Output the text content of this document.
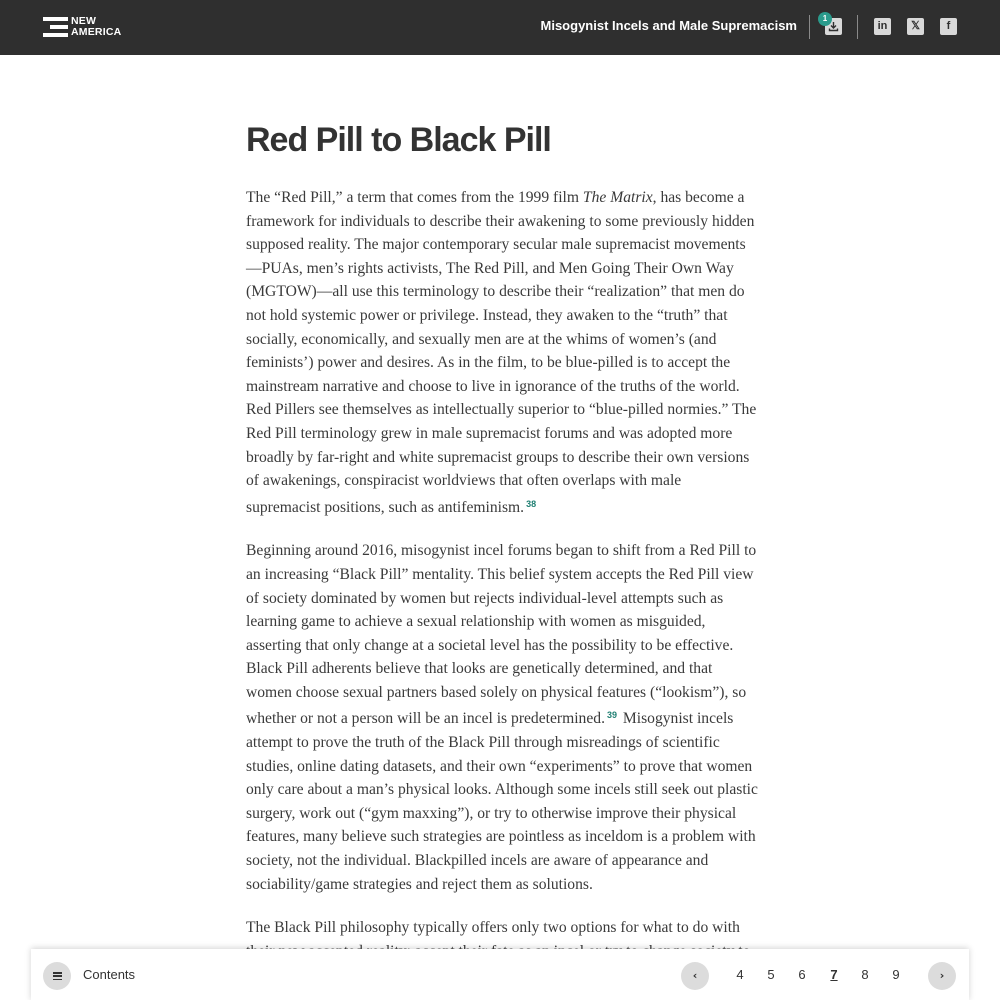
NEW
AMERICA	Misogynist Incels and Male Supremacism	1
in	𝕏	f
Red Pill to Black Pill

The “Red Pill,” a term that comes from the 1999 film The Matrix, has become a framework for individuals to describe their awakening to some previously hidden supposed reality. The major contemporary secular male supremacist movements—PUAs, men’s rights activists, The Red Pill, and Men Going Their Own Way (MGTOW)—all use this terminology to describe their “realization” that men do not hold systemic power or privilege. Instead, they awaken to the “truth” that socially, economically, and sexually men are at the whims of women’s (and feminists’) power and desires. As in the film, to be blue-pilled is to accept the mainstream narrative and choose to live in ignorance of the truths of the world. Red Pillers see themselves as intellectually superior to “blue-pilled normies.” The Red Pill terminology grew in male supremacist forums and was adopted more broadly by far-right and white supremacist groups to describe their own versions of awakenings, conspiracist worldviews that often overlaps with male supremacist positions, such as antifeminism. $^{38}$

Beginning around 2016, misogynist incel forums began to shift from a Red Pill to an increasing “Black Pill” mentality. This belief system accepts the Red Pill view of society dominated by women but rejects individual-level attempts such as learning game to achieve a sexual relationship with women as misguided, asserting that only change at a societal level has the possibility to be effective. Black Pill adherents believe that looks are genetically determined, and that women choose sexual partners based solely on physical features (“lookism”), so whether or not a person will be an incel is predetermined. $^{39}$ Misogynist incels attempt to prove the truth of the Black Pill through misreadings of scientific studies, online dating datasets, and their own “experiments” to prove that women only care about a man’s physical looks. Although some incels still seek out plastic surgery, work out (“gym maxxing”), or try to otherwise improve their physical features, many believe such strategies are pointless as inceldom is a problem with society, not the individual. Blackpilled incels are aware of appearance and sociability/game strategies and reject them as solutions.

The Black Pill philosophy typically offers only two options for what to do with

Contents	‹	4 5 6 7 8 9	›
